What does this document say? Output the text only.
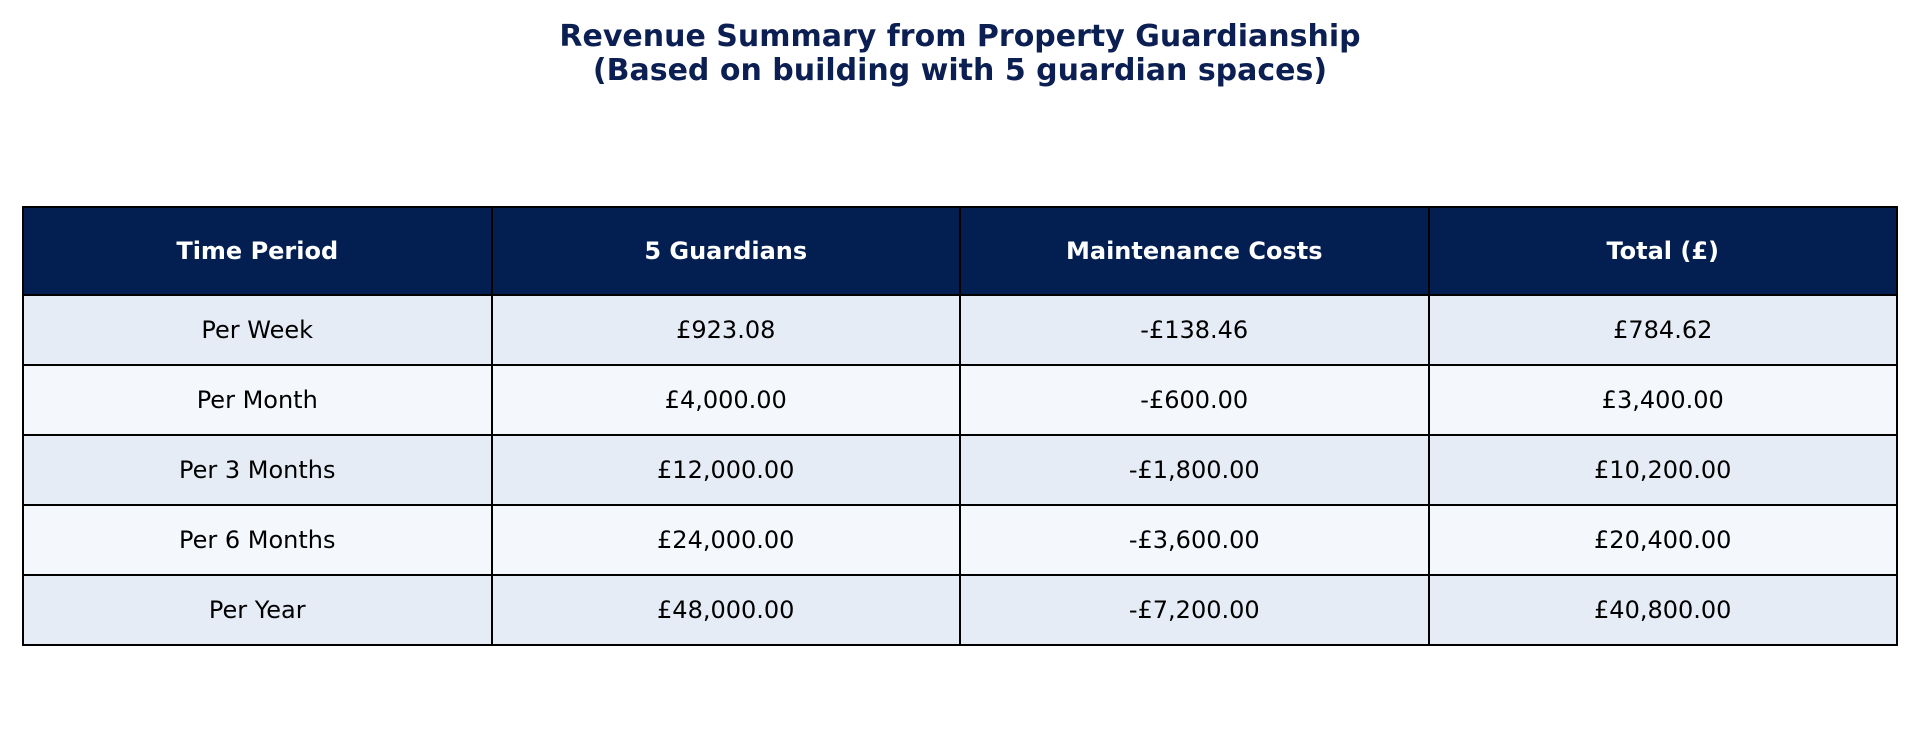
Revenue Summary from Property Guardianship
(Based on building with 5 guardian spaces)
Time Period	5 Guardians	Maintenance Costs	Total (£)
Per Week	£923.08	-£138.46	£784.62
Per Month	£4,000.00	-£600.00	£3,400.00
Per 3 Months	£12,000.00	-£1,800.00	£10,200.00
Per 6 Months	£24,000.00	-£3,600.00	£20,400.00
Per Year	£48,000.00	-£7,200.00	£40,800.00
